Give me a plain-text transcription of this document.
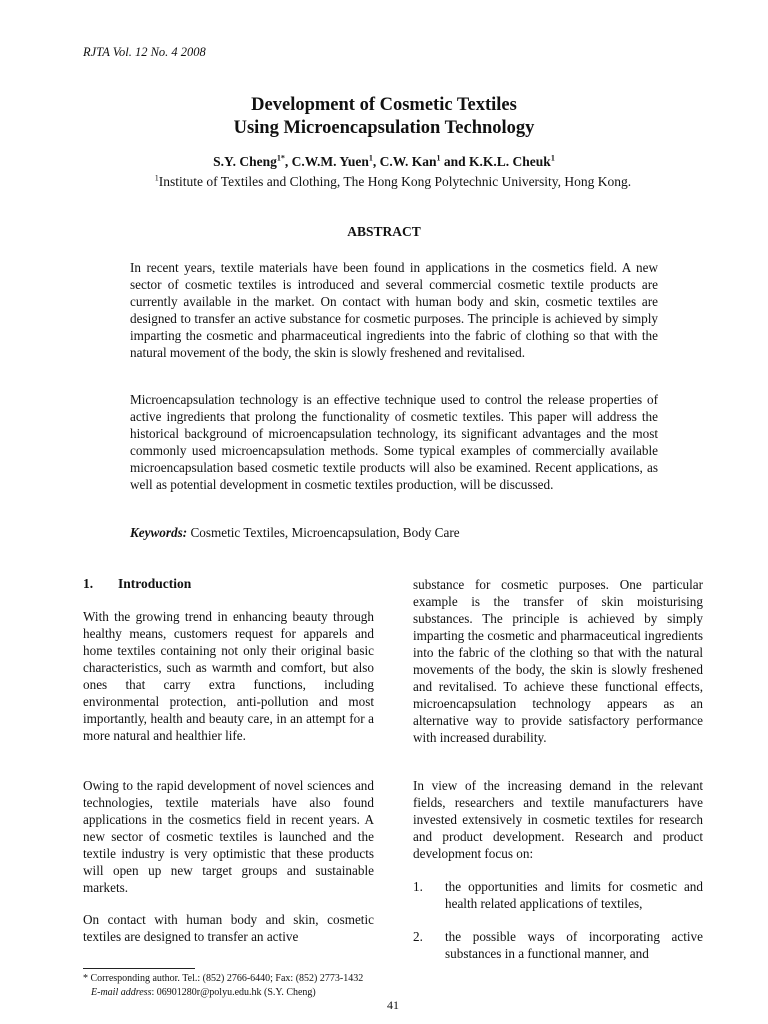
RJTA Vol. 12 No. 4 2008
Development of Cosmetic Textiles
Using Microencapsulation Technology
S.Y. Cheng$^{1*}$, C.W.M. Yuen$^1$, C.W. Kan$^1$ and K.K.L. Cheuk$^1$
$^1$Institute of Textiles and Clothing, The Hong Kong Polytechnic University, Hong Kong.
ABSTRACT
In recent years, textile materials have been found in applications in the cosmetics field. A new sector of cosmetic textiles is introduced and several commercial cosmetic textile products are currently available in the market. On contact with human body and skin, cosmetic textiles are designed to transfer an active substance for cosmetic purposes. The principle is achieved by simply imparting the cosmetic and pharmaceutical ingredients into the fabric of clothing so that with the natural movement of the body, the skin is slowly freshened and revitalised.
Microencapsulation technology is an effective technique used to control the release properties of active ingredients that prolong the functionality of cosmetic textiles. This paper will address the historical background of microencapsulation technology, its significant advantages and the most commonly used microencapsulation methods. Some typical examples of commercially available microencapsulation based cosmetic textile products will also be examined. Recent applications, as well as potential development in cosmetic textiles production, will be discussed.
Keywords: Cosmetic Textiles, Microencapsulation, Body Care
1. Introduction
With the growing trend in enhancing beauty through healthy means, customers request for apparels and home textiles containing not only their original basic characteristics, such as warmth and comfort, but also ones that carry extra functions, including environmental protection, anti-pollution and most importantly, health and beauty care, in an attempt for a more natural and healthier life.
Owing to the rapid development of novel sciences and technologies, textile materials have also found applications in the cosmetics field in recent years. A new sector of cosmetic textiles is launched and the textile industry is very optimistic that these products will open up new target groups and sustainable markets.
On contact with human body and skin, cosmetic textiles are designed to transfer an active
substance for cosmetic purposes. One particular example is the transfer of skin moisturising substances. The principle is achieved by simply imparting the cosmetic and pharmaceutical ingredients into the fabric of the clothing so that with the natural movements of the body, the skin is slowly freshened and revitalised. To achieve these functional effects, microencapsulation technology appears as an alternative way to provide satisfactory performance with increased durability.
In view of the increasing demand in the relevant fields, researchers and textile manufacturers have invested extensively in cosmetic textiles for research and product development. Research and product development focus on:
1. the opportunities and limits for cosmetic and health related applications of textiles,
2. the possible ways of incorporating active substances in a functional manner, and
* Corresponding author. Tel.: (852) 2766-6440; Fax: (852) 2773-1432
E-mail address: 06901280r@polyu.edu.hk (S.Y. Cheng)
41
